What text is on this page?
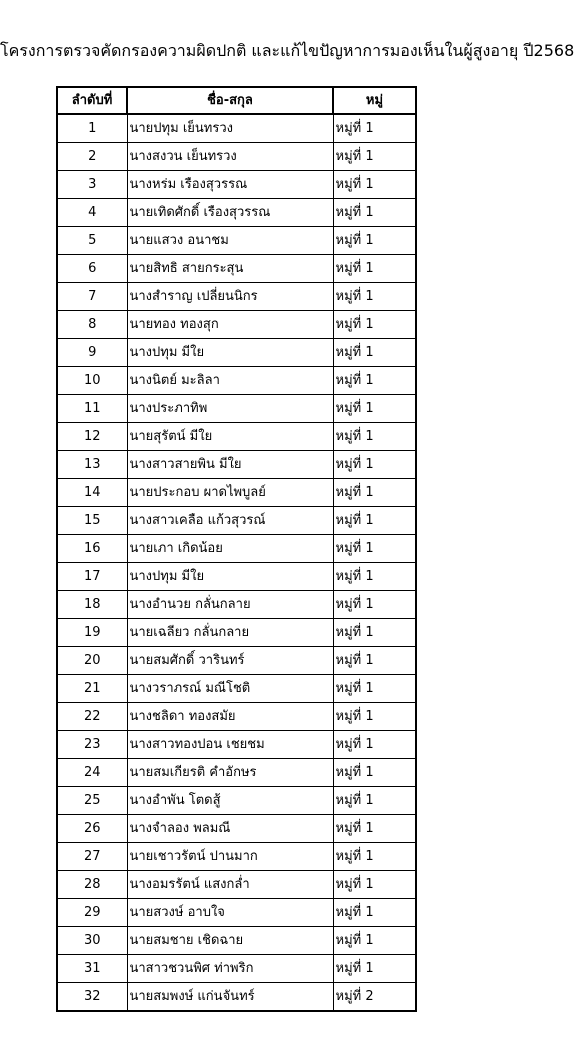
โครงการตรวจคัดกรองความผิดปกติ และแก้ไขปัญหาการมองเห็นในผู้สูงอายุ ปี2568
ลำดับที่	ชื่อ-สกุล	หมู่
1	นายปทุม เย็นทรวง	หมู่ที่ 1
2	นางสงวน เย็นทรวง	หมู่ที่ 1
3	นางหร่ม เรืองสุวรรณ	หมู่ที่ 1
4	นายเทิดศักดิ์ เรืองสุวรรณ	หมู่ที่ 1
5	นายแสวง อนาชม	หมู่ที่ 1
6	นายสิทธิ สายกระสุน	หมู่ที่ 1
7	นางสำราญ เปลี่ยนนิกร	หมู่ที่ 1
8	นายทอง ทองสุก	หมู่ที่ 1
9	นางปทุม มีใย	หมู่ที่ 1
10	นางนิตย์ มะลิลา	หมู่ที่ 1
11	นางประภาทิพ	หมู่ที่ 1
12	นายสุรัตน์ มีใย	หมู่ที่ 1
13	นางสาวสายพิน มีใย	หมู่ที่ 1
14	นายประกอบ ผาดไพบูลย์	หมู่ที่ 1
15	นางสาวเคลือ แก้วสุวรณ์	หมู่ที่ 1
16	นายเภา เกิดน้อย	หมู่ที่ 1
17	นางปทุม มีใย	หมู่ที่ 1
18	นางอำนวย กลั่นกลาย	หมู่ที่ 1
19	นายเฉลียว กลั่นกลาย	หมู่ที่ 1
20	นายสมศักดิ์ วารินทร์	หมู่ที่ 1
21	นางวราภรณ์ มณีโชติ	หมู่ที่ 1
22	นางชลิดา ทองสมัย	หมู่ที่ 1
23	นางสาวทองปอน เชยชม	หมู่ที่ 1
24	นายสมเกียรติ คำอักษร	หมู่ที่ 1
25	นางอำพัน โตดสู้	หมู่ที่ 1
26	นางจำลอง พลมณี	หมู่ที่ 1
27	นายเชาวรัตน์ ปานมาก	หมู่ที่ 1
28	นางอมรรัตน์ แสงกล่ำ	หมู่ที่ 1
29	นายสวงษ์ อาบใจ	หมู่ที่ 1
30	นายสมชาย เชิดฉาย	หมู่ที่ 1
31	นาสาวชวนพิศ ท่าพริก	หมู่ที่ 1
32	นายสมพงษ์ แก่นจันทร์	หมู่ที่ 2
